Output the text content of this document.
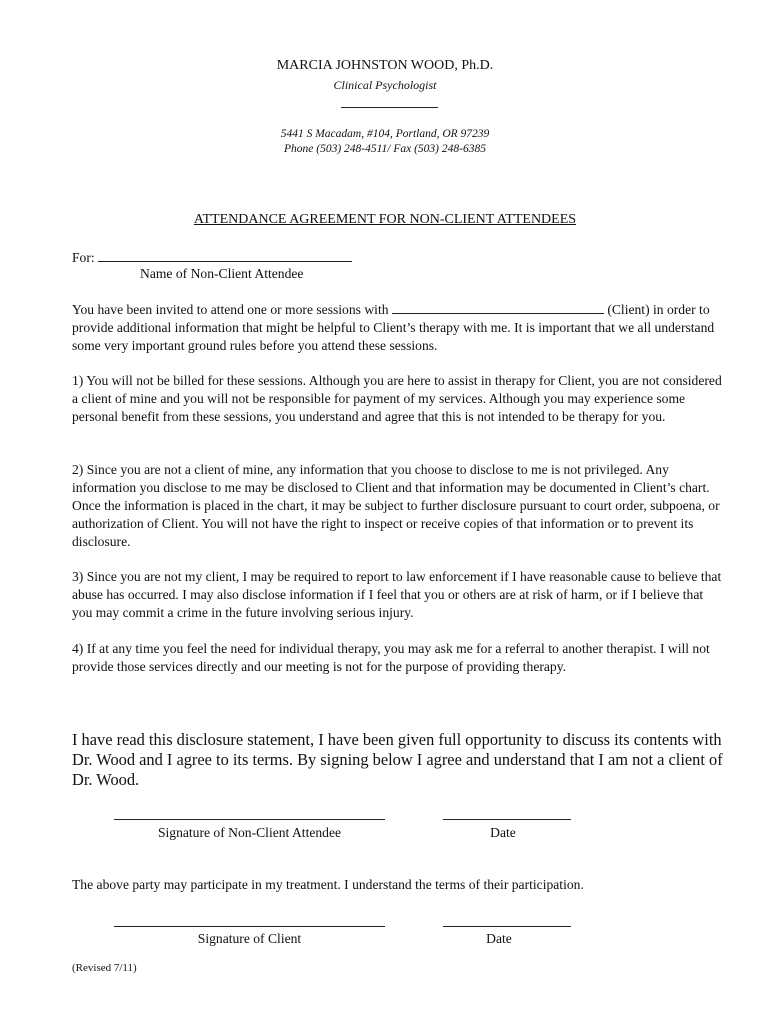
MARCIA JOHNSTON WOOD, Ph.D.

Clinical Psychologist

5441 S Macadam, #104, Portland, OR 97239

Phone (503) 248-4511/ Fax (503) 248-6385

ATTENDANCE AGREEMENT FOR NON-CLIENT ATTENDEES

For:

Name of Non-Client Attendee

You have been invited to attend one or more sessions with	(Client) in order to provide additional information that might be helpful to Client’s therapy with me. It is important that we all understand some very important ground rules before you attend these sessions.

1) You will not be billed for these sessions. Although you are here to assist in therapy for Client, you are not considered a client of mine and you will not be responsible for payment of my services. Although you may experience some personal benefit from these sessions, you understand and agree that this is not intended to be therapy for you.

2) Since you are not a client of mine, any information that you choose to disclose to me is not privileged. Any information you disclose to me may be disclosed to Client and that information may be documented in Client’s chart. Once the information is placed in the chart, it may be subject to further disclosure pursuant to court order, subpoena, or authorization of Client. You will not have the right to inspect or receive copies of that information or to prevent its disclosure.

3) Since you are not my client, I may be required to report to law enforcement if I have reasonable cause to believe that abuse has occurred. I may also disclose information if I feel that you or others are at risk of harm, or if I believe that you may commit a crime in the future involving serious injury.

4) If at any time you feel the need for individual therapy, you may ask me for a referral to another therapist. I will not provide those services directly and our meeting is not for the purpose of providing therapy.

I have read this disclosure statement, I have been given full opportunity to discuss its contents with Dr. Wood and I agree to its terms. By signing below I agree and understand that I am not a client of Dr. Wood.

Signature of Non-Client Attendee	Date

The above party may participate in my treatment. I understand the terms of their participation.

Signature of Client	Date

(Revised 7/11)
